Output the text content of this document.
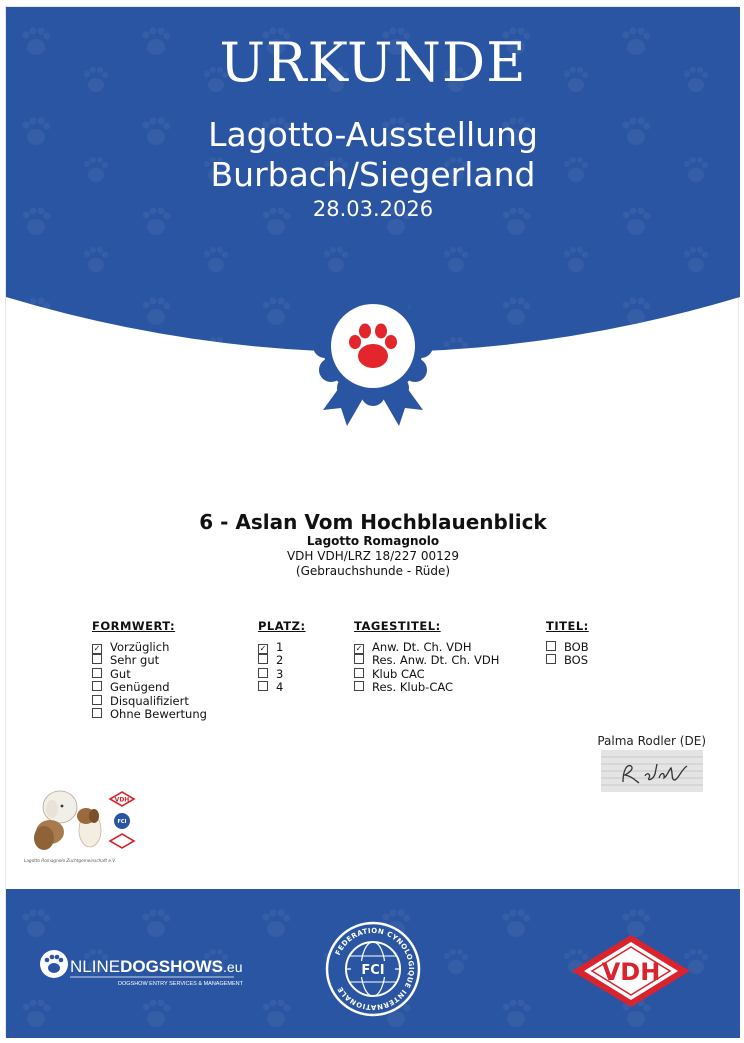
URKUNDE
Lagotto-Ausstellung
Burbach/Siegerland
28.03.2026
6 - Aslan Vom Hochblauenblick
Lagotto Romagnolo
VDH VDH/LRZ 18/227 00129
(Gebrauchshunde - Rüde)
FORMWERT:
✓ Vorzüglich
Sehr gut
Gut
Genügend
Disqualifiziert
Ohne Bewertung
PLATZ:
✓ 1
2
3
4
TAGESTITEL:
✓ Anw. Dt. Ch. VDH
Res. Anw. Dt. Ch. VDH
Klub CAC
Res. Klub-CAC
TITEL:
BOB
BOS
Palma Rodler (DE)
VDH
FCI
Lagotto Romagnolo Zuchtgemeinschaft e.V.
NLINEDOGSHOWS.eu
DOGSHOW ENTRY SERVICES & MANAGEMENT
FEDERATION CYNOLOGIQUE INTERNATIONALE
FCI	VDH
